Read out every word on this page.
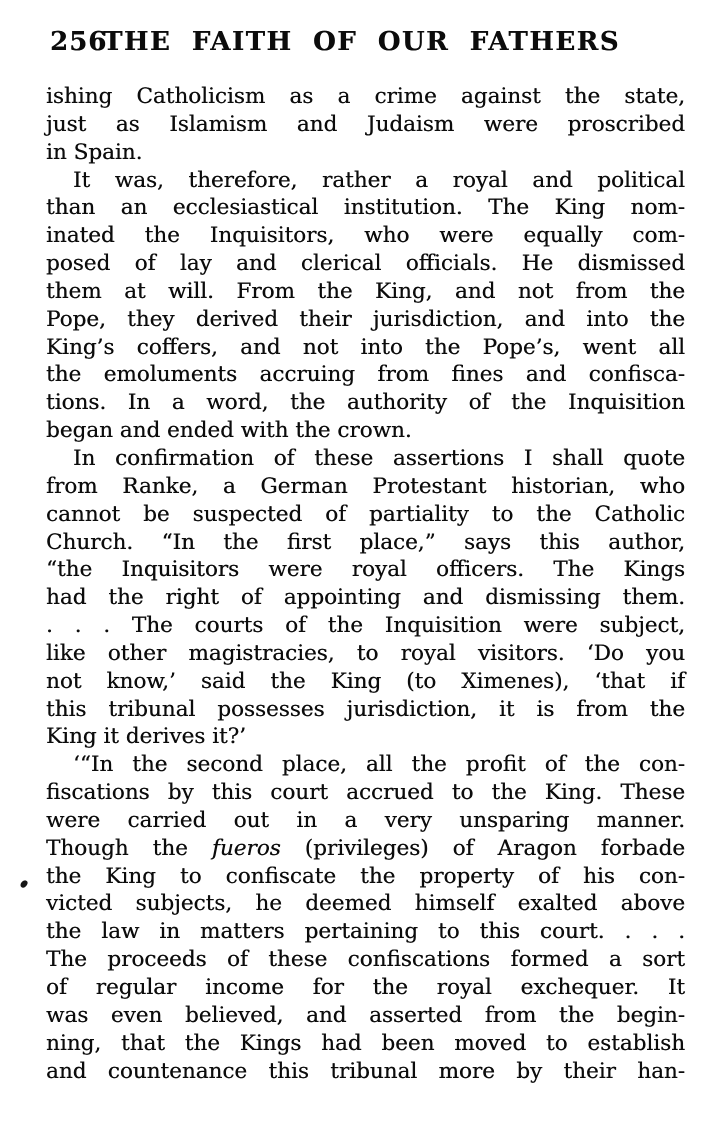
256
THE FAITH OF OUR FATHERS
ishing Catholicism as a crime against the state,
just as Islamism and Judaism were proscribed
in Spain.
It was, therefore, rather a royal and political
than an ecclesiastical institution. The King nom-
inated the Inquisitors, who were equally com-
posed of lay and clerical officials. He dismissed
them at will. From the King, and not from the
Pope, they derived their jurisdiction, and into the
King’s coffers, and not into the Pope’s, went all
the emoluments accruing from fines and confisca-
tions. In a word, the authority of the Inquisition
began and ended with the crown.
In confirmation of these assertions I shall quote
from Ranke, a German Protestant historian, who
cannot be suspected of partiality to the Catholic
Church. “In the first place,” says this author,
“the Inquisitors were royal officers. The Kings
had the right of appointing and dismissing them.
. . . The courts of the Inquisition were subject,
like other magistracies, to royal visitors. ‘Do you
not know,’ said the King (to Ximenes), ‘that if
this tribunal possesses jurisdiction, it is from the
King it derives it?’
‘“In the second place, all the profit of the con-
fiscations by this court accrued to the King. These
were carried out in a very unsparing manner.
Though the fueros (privileges) of Aragon forbade
the King to confiscate the property of his con-
victed subjects, he deemed himself exalted above
the law in matters pertaining to this court. . . .
The proceeds of these confiscations formed a sort
of regular income for the royal exchequer. It
was even believed, and asserted from the begin-
ning, that the Kings had been moved to establish
and countenance this tribunal more by their han-
